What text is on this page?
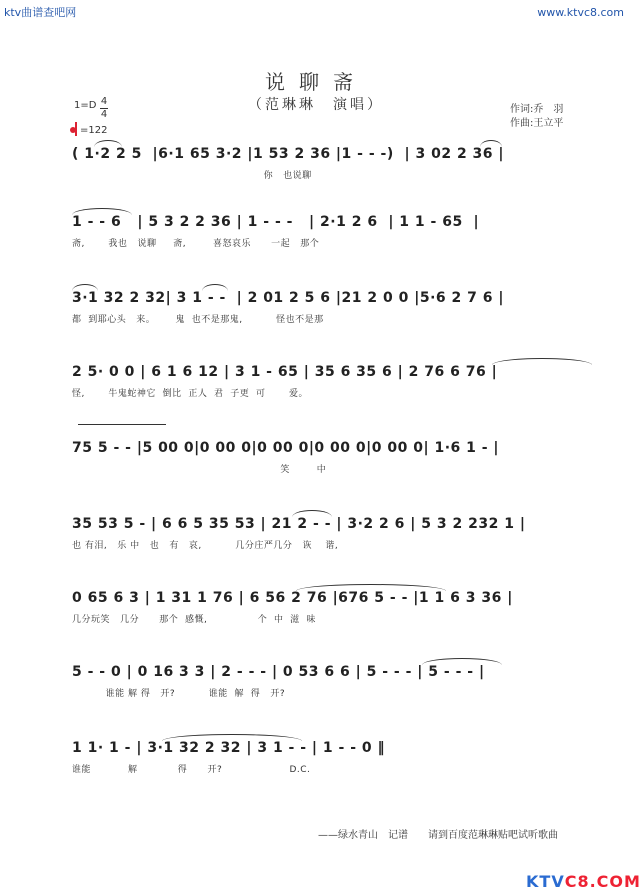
ktv曲谱查吧网	www.ktvc8.com
说聊斋
（范琳琳　演唱）
1=D 4
4
=122
作词:乔　羽
作曲:王立平
( 1·2 2 5  |6·1 65 3·2 |1 53 2 36 |1 - - -)  | 3 02 2 36 |
你   也说聊
1 - - 6   | 5 3 2 2 36 | 1 - - -   | 2·1 2 6  | 1 1 - 65  |
斋,       我也   说聊     斋,        喜怒哀乐      一起   那个
3·1 32 2 32| 3 1 - -  | 2 01 2 5 6 |21 2 0 0 |5·6 2 7 6 |
都  到耶心头   来。      鬼  也不是那鬼,          怪也不是那
2 5· 0 0 | 6 1 6 12 | 3 1 - 65 | 35 6 35 6 | 2 76 6 76 |
怪,       牛鬼蛇神它  倒比  正人  君  子更  可       爱。
75 5 - - |5 00 0|0 00 0|0 00 0|0 00 0|0 00 0| 1·6 1 - |
笑        中
35 53 5 - | 6 6 5 35 53 | 21 2 - - | 3·2 2 6 | 5 3 2 232 1 |
也 有泪,   乐 中   也   有   哀,          几分庄严几分   诙    谐,
0 65 6 3 | 1 31 1 76 | 6 56 2 76 |676 5 - - |1 1 6 3 36 |
几分玩笑   几分      那个  感慨,               个  中  滋  味
5 - - 0 | 0 16 3 3 | 2 - - - | 0 53 6 6 | 5 - - - | 5 - - - |
谁能 解 得   开?          谁能  解  得   开?
1 1· 1 - | 3·1 32 2 32 | 3 1 - - | 1 - - 0 ‖
谁能           解            得      开?                    D.C.
——绿水青山　记谱　　请到百度范琳琳贴吧试听歌曲
KTVC8.COM
